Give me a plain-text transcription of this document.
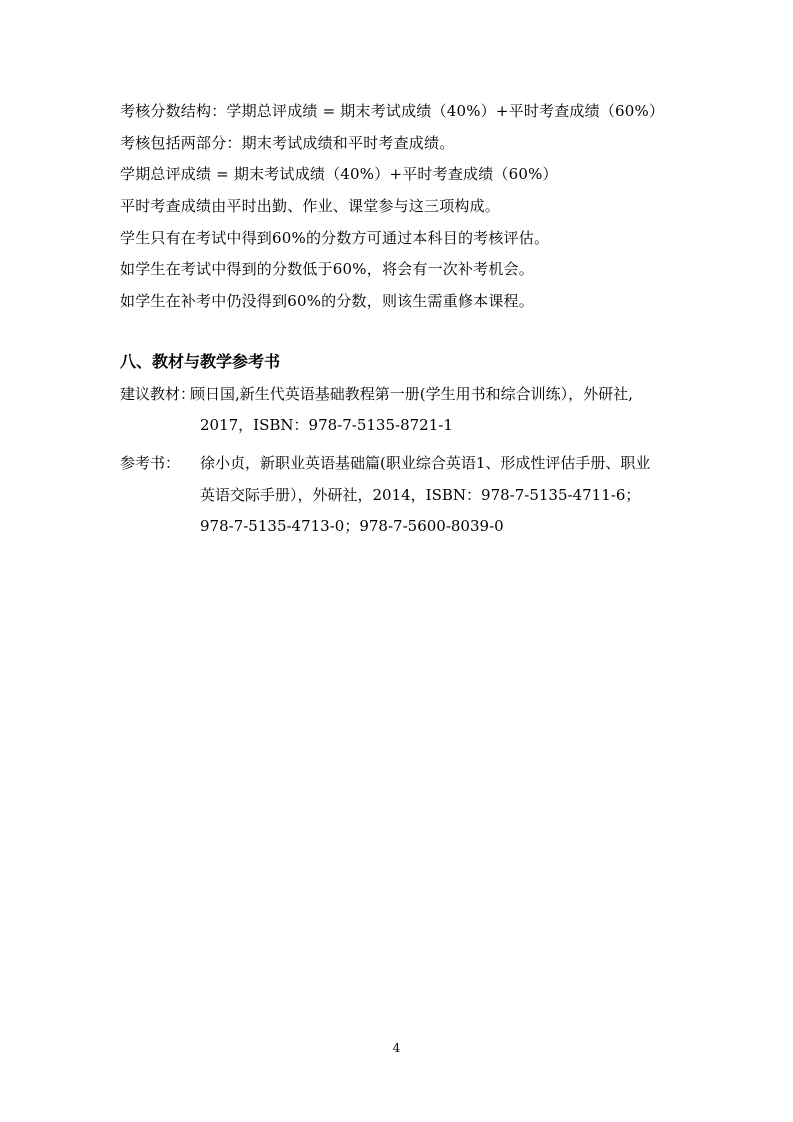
考核分数结构：学期总评成绩 = 期末考试成绩（40%）+平时考查成绩（60%）
考核包括两部分：期末考试成绩和平时考查成绩。
学期总评成绩 = 期末考试成绩（40%）+平时考查成绩（60%）
平时考查成绩由平时出勤、作业、课堂参与这三项构成。
学生只有在考试中得到60%的分数方可通过本科目的考核评估。
如学生在考试中得到的分数低于60%，将会有一次补考机会。
如学生在补考中仍没得到60%的分数，则该生需重修本课程。
八、教材与教学参考书
建议教材：
顾日国,新生代英语基础教程第一册(学生用书和综合训练），外研社,
2017，ISBN：978-7-5135-8721-1
参考书： 徐小贞，新职业英语基础篇(职业综合英语1、形成性评估手册、职业
英语交际手册），外研社，2014，ISBN：978-7-5135-4711-6；
978-7-5135-4713-0；978-7-5600-8039-0
4
